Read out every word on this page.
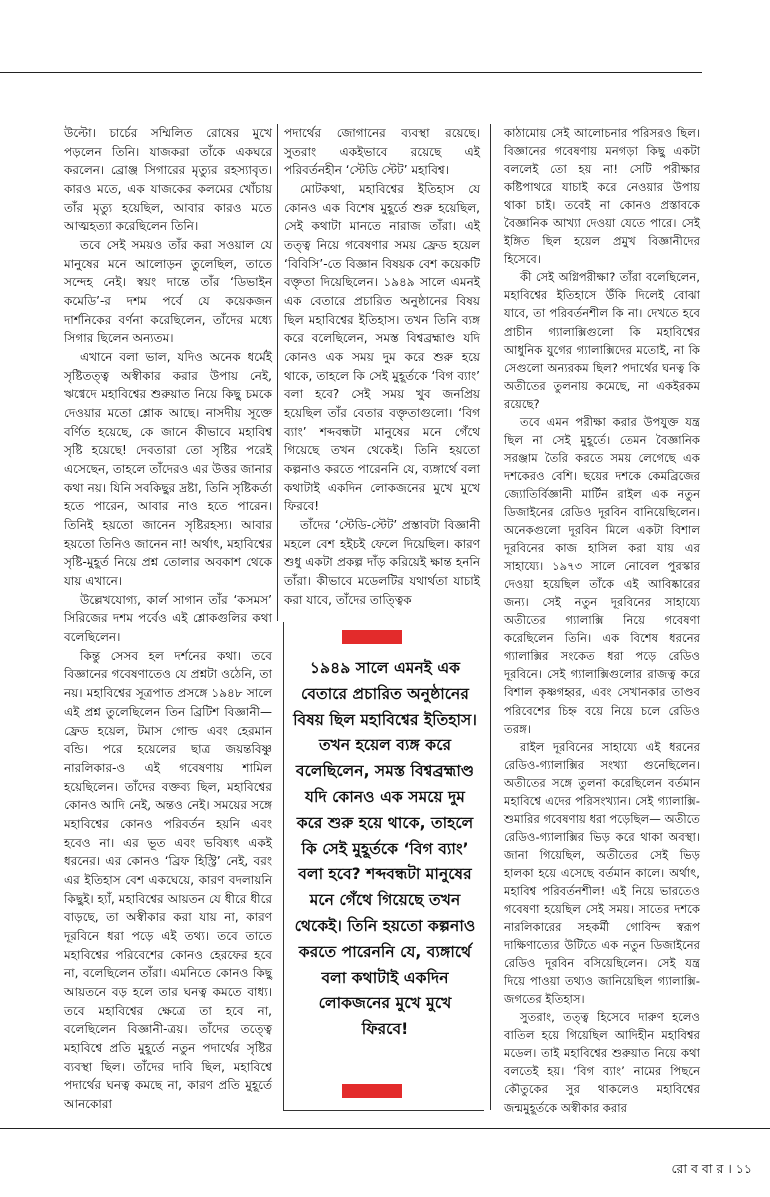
উল্টো। চার্চের সম্মিলিত রোষের মুখে পড়লেন তিনি। যাজকরা তাঁকে একঘরে করলেন। ব্রোঞ্জ সিগারের মৃত্যুর রহস্যাবৃত। কারও মতে, এক যাজকের কলমের খোঁচায় তাঁর মৃত্যু হয়েছিল, আবার কারও মতে আত্মহত্যা করেছিলেন তিনি।

তবে সেই সময়ও তাঁর করা সওয়াল যে মানুষের মনে আলোড়ন তুলেছিল, তাতে সন্দেহ নেই। স্বয়ং দান্তে তাঁর ‘ডিভাইন কমেডি’-র দশম পর্বে যে কয়েকজন দার্শনিকের বর্ণনা করেছিলেন, তাঁদের মধ্যে সিগার ছিলেন অন্যতম।

এখানে বলা ভাল, যদিও অনেক ধর্মেই সৃষ্টিতত্ত্ব অস্বীকার করার উপায় নেই, ঋগ্বেদে মহাবিশ্বের শুরুয়াত নিয়ে কিছু চমকে দেওয়ার মতো শ্লোক আছে। নাসদীয় সূক্তে বর্ণিত হয়েছে, কে জানে কীভাবে মহাবিশ্ব সৃষ্টি হয়েছে! দেবতারা তো সৃষ্টির পরেই এসেছেন, তাহলে তাঁদেরও এর উত্তর জানার কথা নয়। যিনি সবকিছুর দ্রষ্টা, তিনি সৃষ্টিকর্তা হতে পারেন, আবার নাও হতে পারেন। তিনিই হয়তো জানেন সৃষ্টিরহস্য। আবার হয়তো তিনিও জানেন না! অর্থাৎ, মহাবিশ্বের সৃষ্টি-মুহূর্ত নিয়ে প্রশ্ন তোলার অবকাশ থেকে যায় এখানে।

উল্লেখযোগ্য, কার্ল সাগান তাঁর ‘কসমস’ সিরিজের দশম পর্বেও এই শ্লোকগুলির কথা বলেছিলেন।

কিন্তু সেসব হল দর্শনের কথা। তবে বিজ্ঞানের গবেষণাতেও যে প্রশ্নটা ওঠেনি, তা নয়। মহাবিশ্বের সূত্রপাত প্রসঙ্গে ১৯৪৮ সালে এই প্রশ্ন তুলেছিলেন তিন ব্রিটিশ বিজ্ঞানী— ফ্রেড হয়েল, টমাস গোল্ড এবং হেরমান বন্ডি। পরে হয়েলের ছাত্র জয়ন্তবিষ্ণু নারলিকার-ও এই গবেষণায় শামিল হয়েছিলেন। তাঁদের বক্তব্য ছিল, মহাবিশ্বের কোনও আদি নেই, অন্তও নেই। সময়ের সঙ্গে মহাবিশ্বের কোনও পরিবর্তন হয়নি এবং হবেও না। এর ভূত এবং ভবিষ্যৎ একই ধরনের। এর কোনও ‘ব্রিফ হিস্ট্রি’ নেই, বরং এর ইতিহাস বেশ একঘেয়ে, কারণ বদলায়নি কিছুই। হ্যাঁ, মহাবিশ্বের আয়তন যে ধীরে ধীরে বাড়ছে, তা অস্বীকার করা যায় না, কারণ দূরবিনে ধরা পড়ে এই তথ্য। তবে তাতে মহাবিশ্বের পরিবেশের কোনও হেরফের হবে না, বলেছিলেন তাঁরা। এমনিতে কোনও কিছু আয়তনে বড় হলে তার ঘনত্ব কমতে বাধ্য। তবে মহাবিশ্বের ক্ষেত্রে তা হবে না, বলেছিলেন বিজ্ঞানী-ত্রয়। তাঁদের তত্ত্বে মহাবিশ্বে প্রতি মুহূর্তে নতুন পদার্থের সৃষ্টির ব্যবস্থা ছিল। তাঁদের দাবি ছিল, মহাবিশ্বে পদার্থের ঘনত্ব কমছে না, কারণ প্রতি মুহূর্তে আনকোরা

পদার্থের জোগানের ব্যবস্থা রয়েছে। সুতরাং একইভাবে রয়েছে এই পরিবর্তনহীন ‘স্টেডি স্টেট’ মহাবিশ্ব।

মোটকথা, মহাবিশ্বের ইতিহাস যে কোনও এক বিশেষ মুহূর্তে শুরু হয়েছিল, সেই কথাটা মানতে নারাজ তাঁরা। এই তত্ত্ব নিয়ে গবেষণার সময় ফ্রেড হয়েল ‘বিবিসি’-তে বিজ্ঞান বিষয়ক বেশ কয়েকটি বক্তৃতা দিয়েছিলেন। ১৯৪৯ সালে এমনই এক বেতারে প্রচারিত অনুষ্ঠানের বিষয় ছিল মহাবিশ্বের ইতিহাস। তখন তিনি ব্যঙ্গ করে বলেছিলেন, সমস্ত বিশ্বব্রহ্মাণ্ড যদি কোনও এক সময় দুম করে শুরু হয়ে থাকে, তাহলে কি সেই মুহূর্তকে ‘বিগ ব্যাং’ বলা হবে? সেই সময় খুব জনপ্রিয় হয়েছিল তাঁর বেতার বক্তৃতাগুলো। ‘বিগ ব্যাং’ শব্দবন্ধটা মানুষের মনে গেঁথে গিয়েছে তখন থেকেই। তিনি হয়তো কল্পনাও করতে পারেননি যে, ব্যঙ্গার্থে বলা কথাটাই একদিন লোকজনের মুখে মুখে ফিরবে!

তাঁদের ‘স্টেডি-স্টেট’ প্রস্তাবটা বিজ্ঞানী মহলে বেশ হইচই ফেলে দিয়েছিল। কারণ শুধু একটা প্রকল্প দাঁড় করিয়েই ক্ষান্ত হননি তাঁরা। কীভাবে মডেলটির যথার্থতা যাচাই করা যাবে, তাঁদের তাত্ত্বিক

১৯৪৯ সালে এমনই এক বেতারে প্রচারিত অনুষ্ঠানের বিষয় ছিল মহাবিশ্বের ইতিহাস। তখন হয়েল ব্যঙ্গ করে বলেছিলেন, সমস্ত বিশ্বব্রহ্মাণ্ড যদি কোনও এক সময়ে দুম করে শুরু হয়ে থাকে, তাহলে কি সেই মুহূর্তকে ‘বিগ ব্যাং’ বলা হবে? শব্দবন্ধটা মানুষের মনে গেঁথে গিয়েছে তখন থেকেই। তিনি হয়তো কল্পনাও করতে পারেননি যে, ব্যঙ্গার্থে বলা কথাটাই একদিন লোকজনের মুখে মুখে ফিরবে!

কাঠামোয় সেই আলোচনার পরিসরও ছিল। বিজ্ঞানের গবেষণায় মনগড়া কিছু একটা বললেই তো হয় না! সেটি পরীক্ষার কষ্টিপাথরে যাচাই করে নেওয়ার উপায় থাকা চাই। তবেই না কোনও প্রস্তাবকে বৈজ্ঞানিক আখ্যা দেওয়া যেতে পারে। সেই ইঙ্গিত ছিল হয়েল প্রমুখ বিজ্ঞানীদের হিসেবে।

কী সেই অগ্নিপরীক্ষা? তাঁরা বলেছিলেন, মহাবিশ্বের ইতিহাসে উঁকি দিলেই বোঝা যাবে, তা পরিবর্তনশীল কি না। দেখতে হবে প্রাচীন গ্যালাক্সিগুলো কি মহাবিশ্বের আধুনিক যুগের গ্যালাক্সিদের মতোই, না কি সেগুলো অন্যরকম ছিল? পদার্থের ঘনত্ব কি অতীতের তুলনায় কমেছে, না একইরকম রয়েছে?

তবে এমন পরীক্ষা করার উপযুক্ত যন্ত্র ছিল না সেই মুহূর্তে। তেমন বৈজ্ঞানিক সরঞ্জাম তৈরি করতে সময় লেগেছে এক দশকেরও বেশি। ছয়ের দশকে কেমব্রিজের জ্যোতির্বিজ্ঞানী মার্টিন রাইল এক নতুন ডিজাইনের রেডিও দূরবিন বানিয়েছিলেন। অনেকগুলো দূরবিন মিলে একটা বিশাল দূরবিনের কাজ হাসিল করা যায় এর সাহায্যে। ১৯৭৩ সালে নোবেল পুরস্কার দেওয়া হয়েছিল তাঁকে এই আবিষ্কারের জন্য। সেই নতুন দূরবিনের সাহায্যে অতীতের গ্যালাক্সি নিয়ে গবেষণা করেছিলেন তিনি। এক বিশেষ ধরনের গ্যালাক্সির সংকেত ধরা পড়ে রেডিও দূরবিনে। সেই গ্যালাক্সিগুলোর রাজত্ব করে বিশাল কৃষ্ণগহ্বর, এবং সেখানকার তাণ্ডব পরিবেশের চিহ্ন বয়ে নিয়ে চলে রেডিও তরঙ্গ।

রাইল দূরবিনের সাহায্যে এই ধরনের রেডিও-গ্যালাক্সির সংখ্যা গুনেছিলেন। অতীতের সঙ্গে তুলনা করেছিলেন বর্তমান মহাবিশ্বে এদের পরিসংখ্যান। সেই গ্যালাক্সি-শুমারির গবেষণায় ধরা পড়েছিল— অতীতে রেডিও-গ্যালাক্সির ভিড় করে থাকা অবস্থা। জানা গিয়েছিল, অতীতের সেই ভিড় হালকা হয়ে এসেছে বর্তমান কালে। অর্থাৎ, মহাবিশ্ব পরিবর্তনশীল! এই নিয়ে ভারতেও গবেষণা হয়েছিল সেই সময়। সাতের দশকে নারলিকারের সহকর্মী গোবিন্দ স্বরূপ দাক্ষিণাত্যের উটিতে এক নতুন ডিজাইনের রেডিও দূরবিন বসিয়েছিলেন। সেই যন্ত্র দিয়ে পাওয়া তথ্যও জানিয়েছিল গ্যালাক্সি-জগতের ইতিহাস।

সুতরাং, তত্ত্ব হিসেবে দারুণ হলেও বাতিল হয়ে গিয়েছিল আদিহীন মহাবিশ্বর মডেল। তাই মহাবিশ্বের শুরুয়াত নিয়ে কথা বলতেই হয়। ‘বিগ ব্যাং’ নামের পিছনে কৌতুকের সুর থাকলেও মহাবিশ্বের জন্মমুহূর্তকে অস্বীকার করার

রো ব বা র । ১১
